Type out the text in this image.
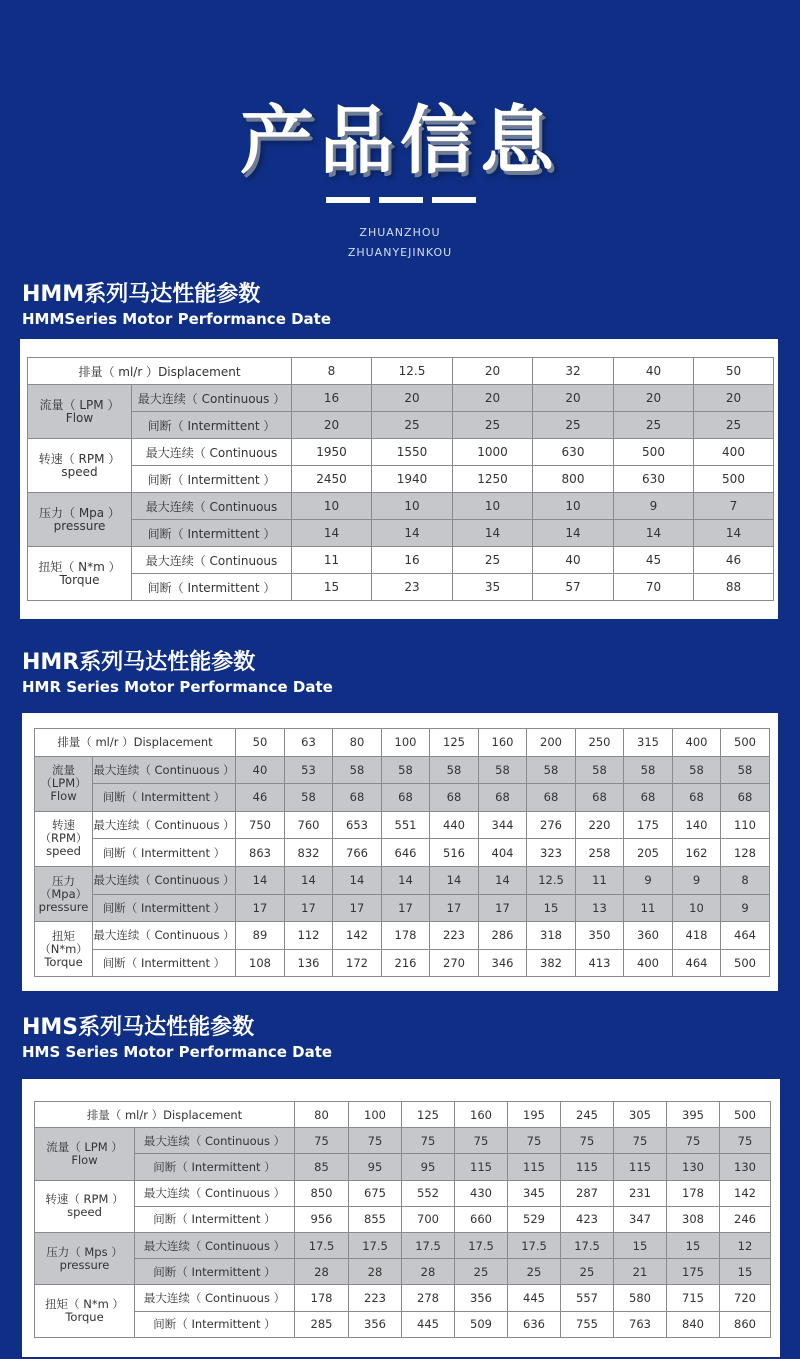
产品信息
ZHUANZHOU
ZHUANYEJINKOU
HMM系列马达性能参数
HMMSeries Motor Performance Date
排量（ ml/r ）Displacement		8	12.5	20	32	40	50

流量（ LPM ）
Flow	最大连续（ Continuous ）	16	20	20	20	20	20
	间断（ Intermittent ）	20	25	25	25	25	25

转速（ RPM ）
speed	最大连续（ Continuous	1950	1550	1000	630	500	400
	间断（ Intermittent ）	2450	1940	1250	800	630	500

压力（ Mpa ）
pressure	最大连续（ Continuous	10	10	10	10	9	7
	间断（ Intermittent ）	14	14	14	14	14	14

扭矩（ N*m ）
Torque	最大连续（ Continuous	11	16	25	40	45	46
	间断（ Intermittent ）	15	23	35	57	70	88
HMR系列马达性能参数
HMR Series Motor Performance Date
排量（ ml/r ）Displacement		50	63	80	100	125	160	200	250	315	400	500

流量
（LPM）
Flow	最大连续（ Continuous ）	40	53	58	58	58	58	58	58	58	58	58
	间断（ Intermittent ）	46	58	68	68	68	68	68	68	68	68	68

转速
（RPM）
speed	最大连续（ Continuous ）	750	760	653	551	440	344	276	220	175	140	110
	间断（ Intermittent ）	863	832	766	646	516	404	323	258	205	162	128

压力
（Mpa）
pressure	最大连续（ Continuous ）	14	14	14	14	14	14	12.5	11	9	9	8
	间断（ Intermittent ）	17	17	17	17	17	17	15	13	11	10	9

扭矩
（N*m）
Torque	最大连续（ Continuous ）	89	112	142	178	223	286	318	350	360	418	464
	间断（ Intermittent ）	108	136	172	216	270	346	382	413	400	464	500
HMS系列马达性能参数
HMS Series Motor Performance Date
排量（ ml/r ）Displacement		80	100	125	160	195	245	305	395	500

流量（ LPM ）
Flow	最大连续（ Continuous ）	75	75	75	75	75	75	75	75	75
	间断（ Intermittent ）	85	95	95	115	115	115	115	130	130

转速（ RPM ）
speed	最大连续（ Continuous ）	850	675	552	430	345	287	231	178	142
	间断（ Intermittent ）	956	855	700	660	529	423	347	308	246

压力（ Mps ）
pressure	最大连续（ Continuous ）	17.5	17.5	17.5	17.5	17.5	17.5	15	15	12
	间断（ Intermittent ）	28	28	28	25	25	25	21	175	15

扭矩（ N*m ）
Torque	最大连续（ Continuous ）	178	223	278	356	445	557	580	715	720
	间断（ Intermittent ）	285	356	445	509	636	755	763	840	860
